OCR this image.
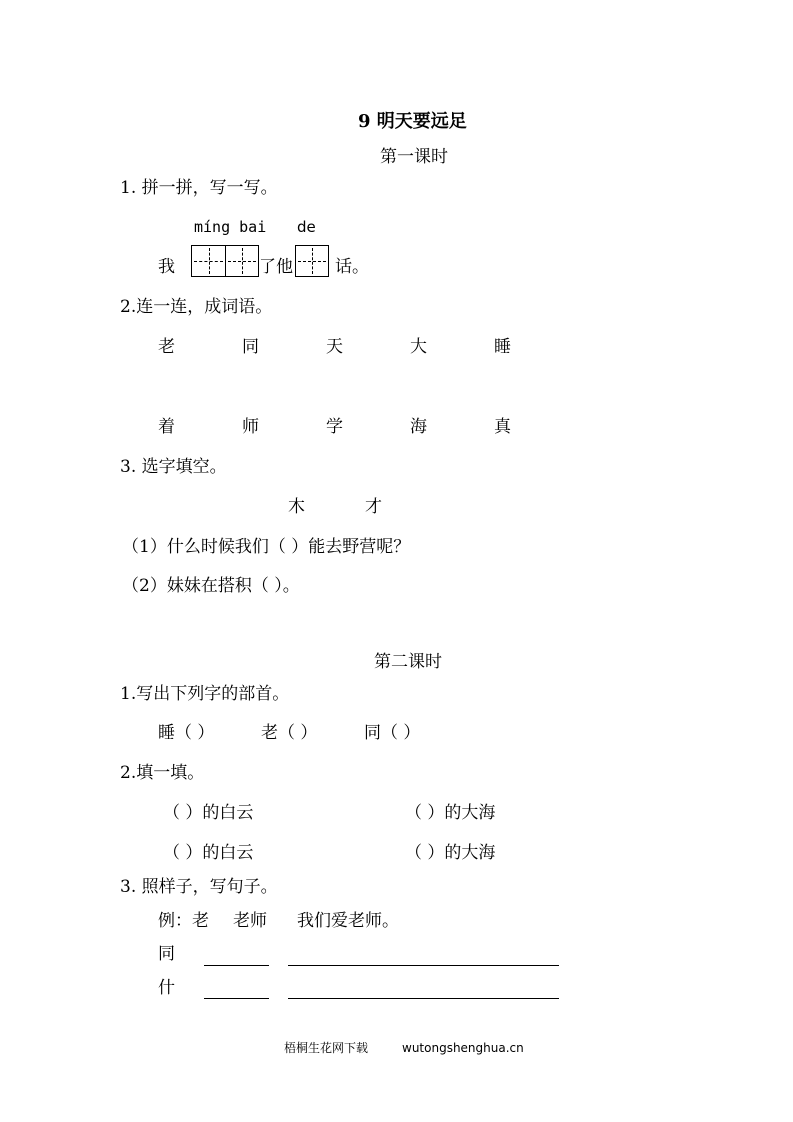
9 明天要远足
第一课时
1. 拼一拼，写一写。
míng bai de
我	了他 话。
2.连一连，成词语。
老	同	天	大	睡
着	师	学	海	真
3. 选字填空。
木	才
（1）什么时候我们（ ）能去野营呢？
（2）妹妹在搭积（ ）。
第二课时
1.写出下列字的部首。
睡（ ）	老（ ）	同（ ）
2.填一填。
（ ）的白云	（ ）的大海
（ ）的白云	（ ）的大海
3. 照样子，写句子。
例：老 老师 我们爱老师。
同
什
梧桐生花网下载	wutongshenghua.cn
